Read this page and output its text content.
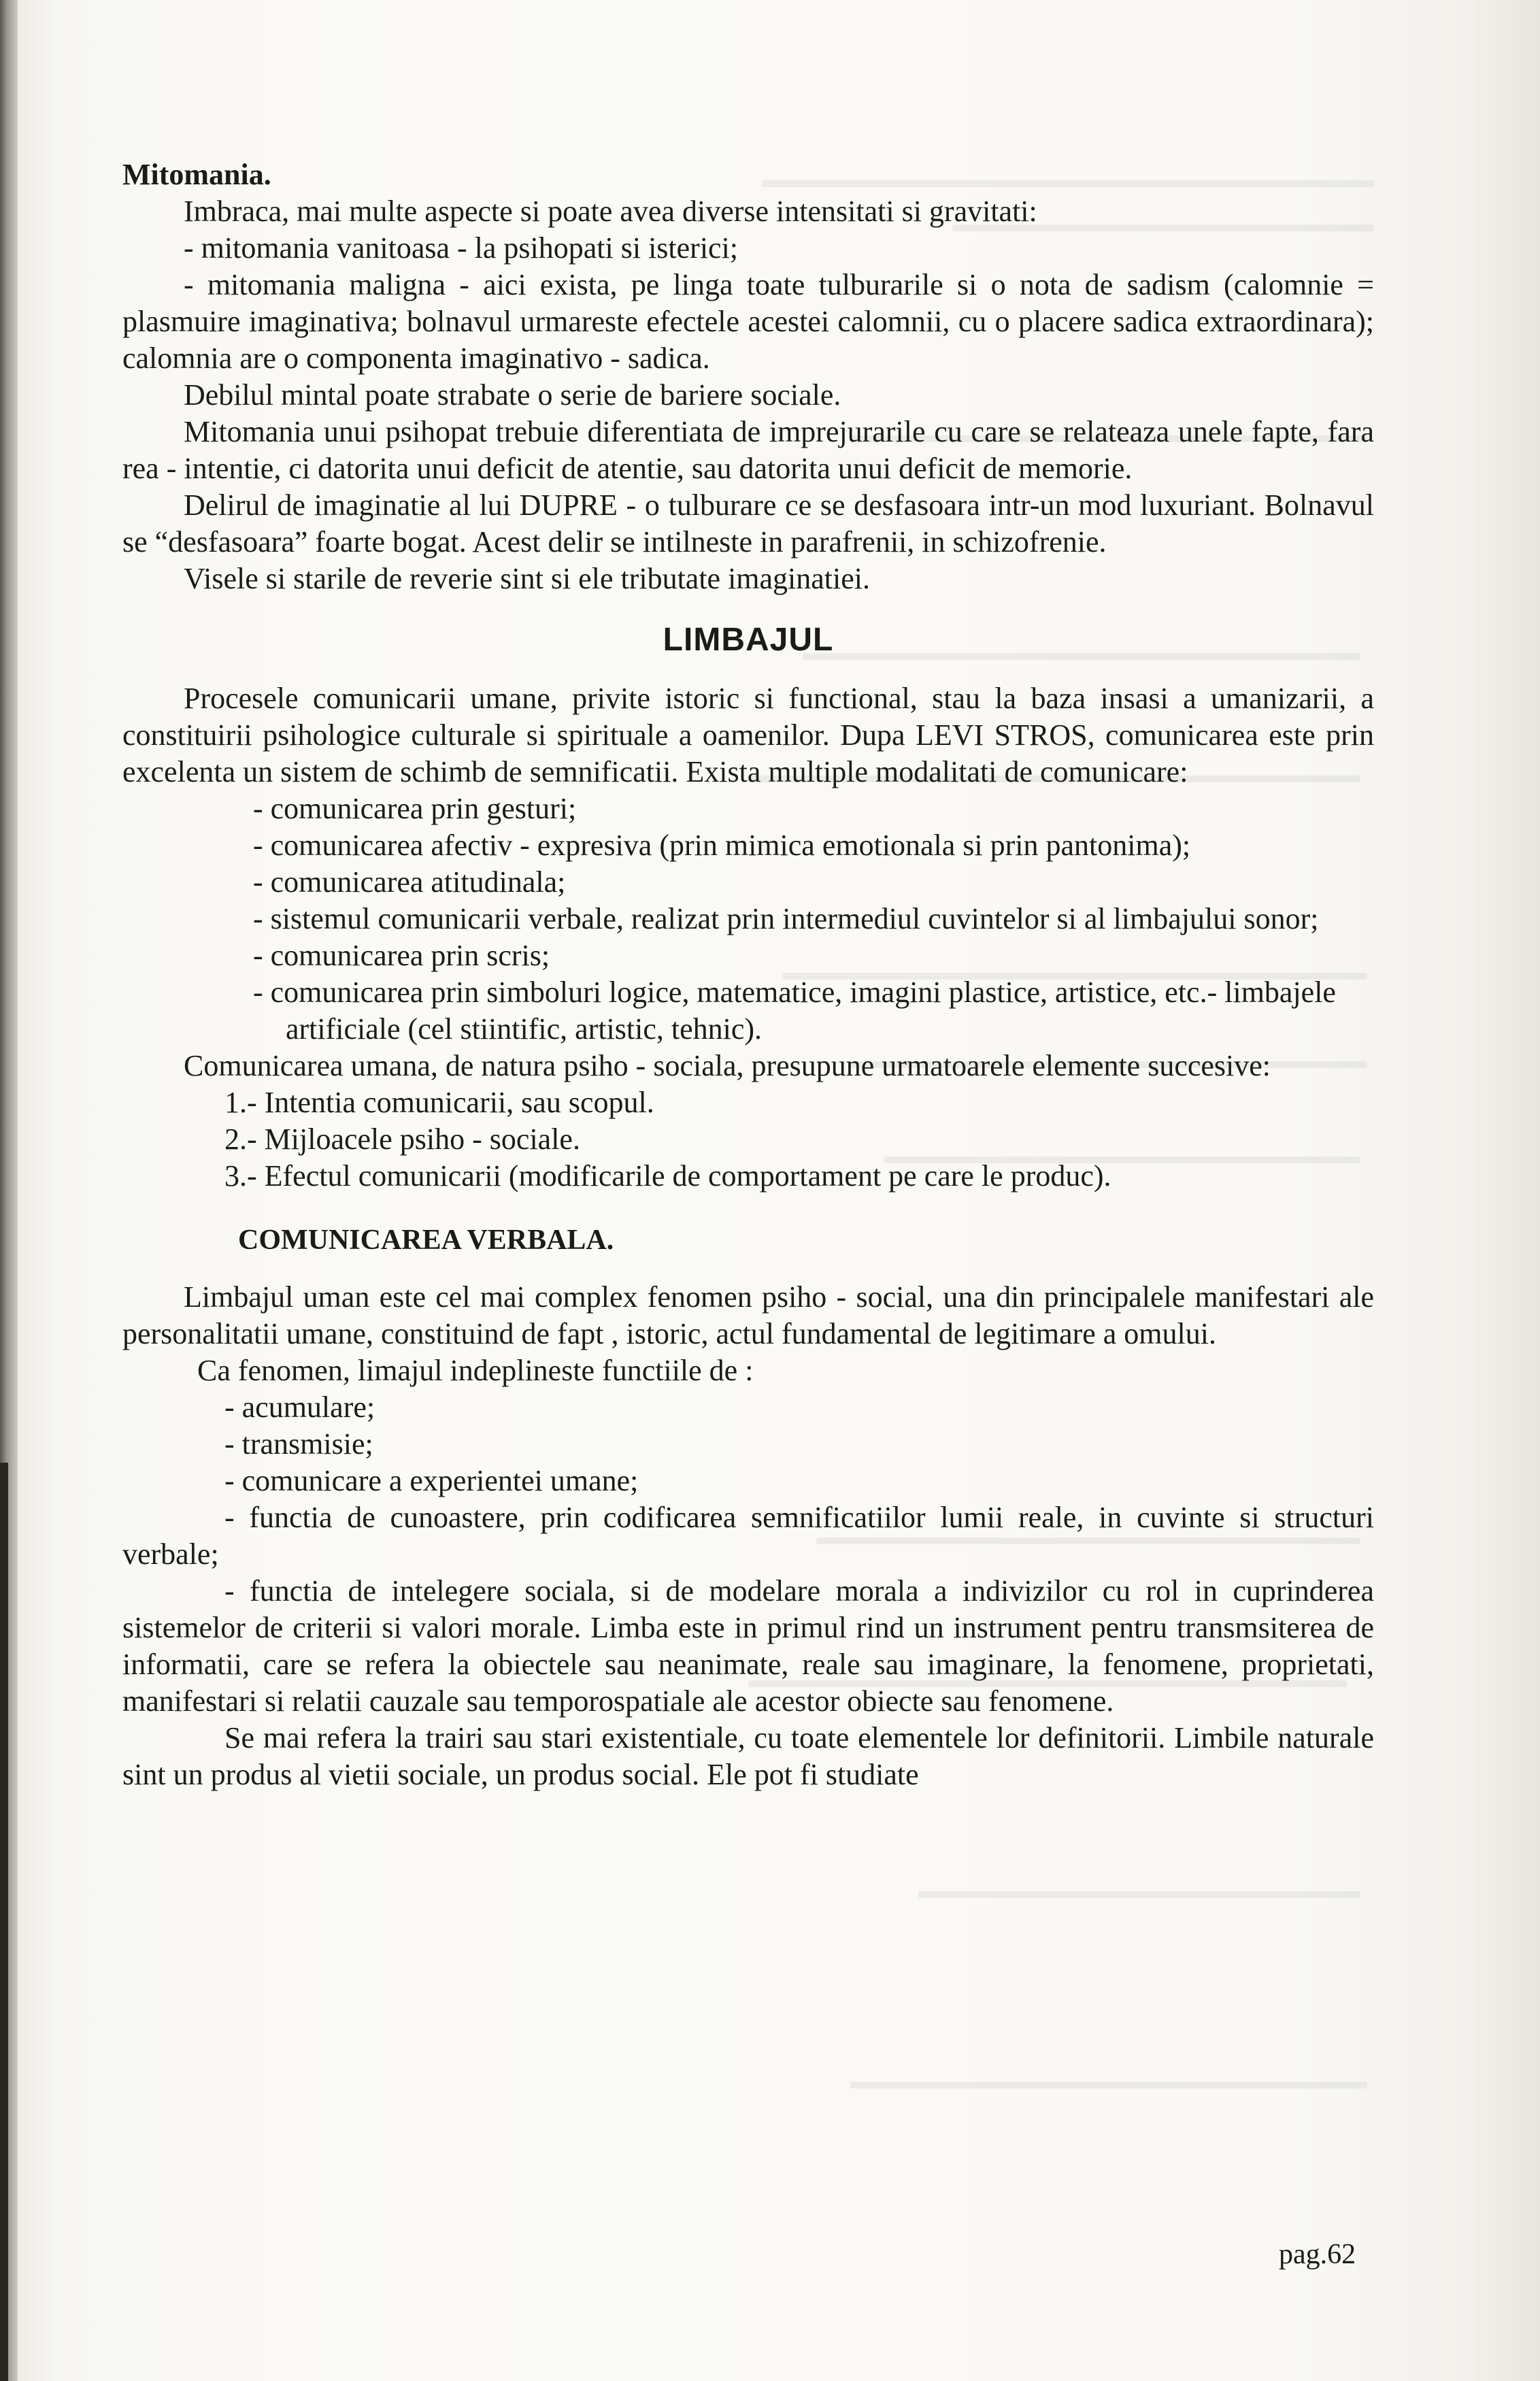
Mitomania.

Imbraca, mai multe aspecte si poate avea diverse intensitati si gravitati:

- mitomania vanitoasa - la psihopati si isterici;

- mitomania maligna - aici exista, pe linga toate tulburarile si o nota de sadism (calomnie = plasmuire imaginativa; bolnavul urmareste efectele acestei calomnii, cu o placere sadica extraordinara); calomnia are o componenta imaginativo - sadica.

Debilul mintal poate strabate o serie de bariere sociale.

Mitomania unui psihopat trebuie diferentiata de imprejurarile cu care se relateaza unele fapte, fara rea - intentie, ci datorita unui deficit de atentie, sau datorita unui deficit de memorie.

Delirul de imaginatie al lui DUPRE - o tulburare ce se desfasoara intr-un mod luxuriant. Bolnavul se “desfasoara” foarte bogat. Acest delir se intilneste in parafrenii, in schizofrenie.

Visele si starile de reverie sint si ele tributate imaginatiei.

LIMBAJUL

Procesele comunicarii umane, privite istoric si functional, stau la baza insasi a umanizarii, a constituirii psihologice culturale si spirituale a oamenilor. Dupa LEVI STROS, comunicarea este prin excelenta un sistem de schimb de semnificatii. Exista multiple modalitati de comunicare:

- comunicarea prin gesturi;

- comunicarea afectiv - expresiva (prin mimica emotionala si prin pantonima);

- comunicarea atitudinala;

- sistemul comunicarii verbale, realizat prin intermediul cuvintelor si al limbajului sonor;

- comunicarea prin scris;

- comunicarea prin simboluri logice, matematice, imagini plastice, artistice, etc.- limbajele artificiale (cel stiintific, artistic, tehnic).

Comunicarea umana, de natura psiho - sociala, presupune urmatoarele elemente succesive:

1.- Intentia comunicarii, sau scopul.

2.- Mijloacele psiho - sociale.

3.- Efectul comunicarii (modificarile de comportament pe care le produc).

COMUNICAREA VERBALA.

Limbajul uman este cel mai complex fenomen psiho - social, una din principalele manifestari ale personalitatii umane, constituind de fapt , istoric, actul fundamental de legitimare a omului.

Ca fenomen, limajul indeplineste functiile de :

- acumulare;

- transmisie;

- comunicare a experientei umane;

- functia de cunoastere, prin codificarea semnificatiilor lumii reale, in cuvinte si structuri verbale;

- functia de intelegere sociala, si de modelare morala a indivizilor cu rol in cuprinderea sistemelor de criterii si valori morale. Limba este in primul rind un instrument pentru transmsiterea de informatii, care se refera la obiectele sau neanimate, reale sau imaginare, la fenomene, proprietati, manifestari si relatii cauzale sau temporospatiale ale acestor obiecte sau fenomene.

Se mai refera la trairi sau stari existentiale, cu toate elementele lor definitorii. Limbile naturale sint un produs al vietii sociale, un produs social. Ele pot fi studiate

pag.62
